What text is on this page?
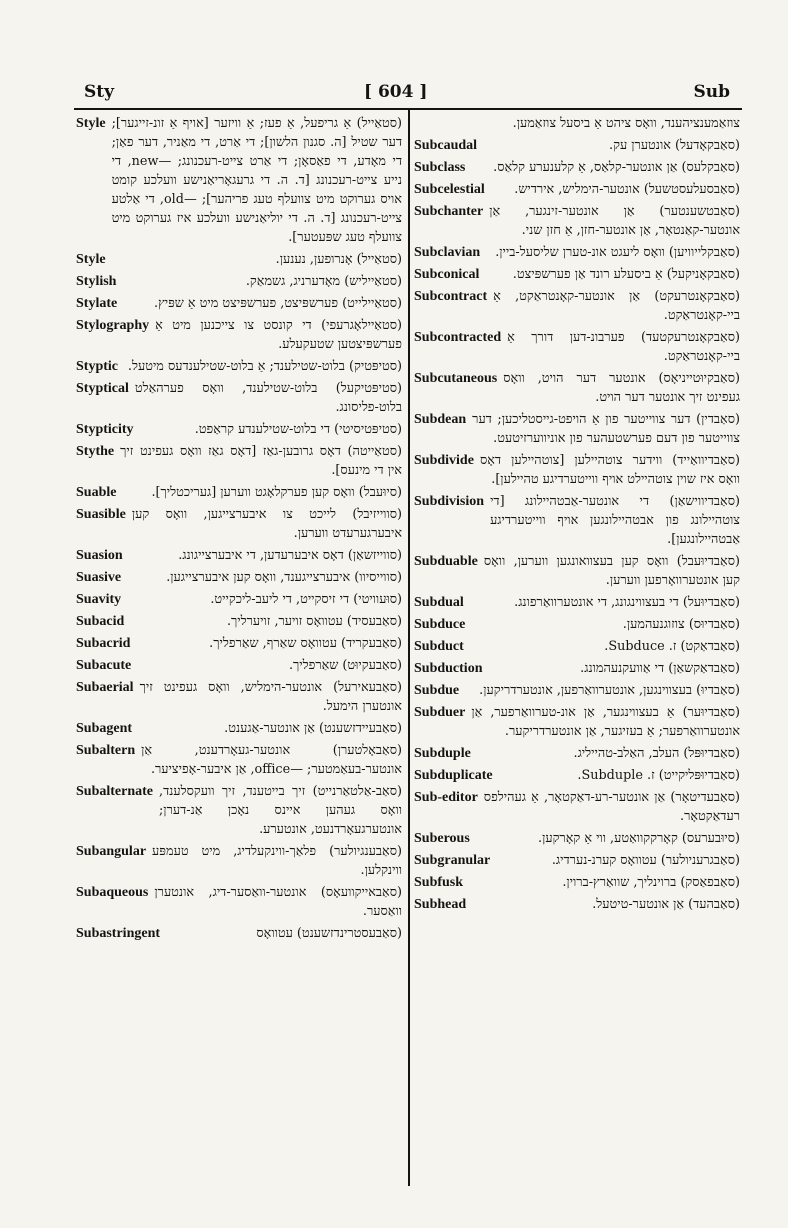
Sty	[ 604 ]	Sub
Style (סטאַייל) אַ גריפעל, אַ פעז; אַ וויזער [אויף אַ זונ-זייגער]; דער שטיל [ה. סגנון הלשון]; די אַרט, די מאַניר, דער פאַן; די מאָדע, די פאַסאָן; די אַרט צייט-רעכנונג; —new, די נייע צייט-רעכנונג [ד. ה. די גרעגאָריאַנישע וועלכע קומט אויס גערוקט מיט צוועלף טעג פריהער]; —old, די אַלטע צייט-רעכנונג [ד. ה. די יוליאַנישע וועלכע איז גערוקט מיט צוועלף טעג שפּעטער].
Style	(סטאַייל) אָנרופען, נענען.
Stylish	(סטאַייליש) מאָדערניג, גשמאַק.
Stylate	(סטאַיילייט) פערשפּיצט, פערשפּיצט מיט אַ שפּיץ.
Stylography (סטאַיילאָגרעפי) די קונסט צו צייכנען מיט אַ פערשפּיצטען שטעקעלע.
Styptic (סטיפּטיק) בלוט-שטילענד; אַ בלוט-שטילענדעס מיטעל.
Styptical (סטיפּטיקעל) בלוט-שטילענד, וואָס פערהאַלט בלוט-פליסונג.
Stypticity	(סטיפּטיסיטי) די בלוט-שטילענדע קראַפט.
Stythe (סטאַייטה) דאָס גרובען-גאַז [דאָס גאַז וואָס געפינט זיך אין די מינעס].
Suable	(סיוּעבל) וואָס קען פערקלאָגט ווערען [געריכטליך].
Suasible (סווייזיבל) לייכט צו איבערצייגען, וואָס קען איבערגערעדט ווערען.
Suasion	(סווייזשאַן) דאָס איבערעדען, די איבערצייגונג.
Suasive	(סווייסיוו) איבערצייגענד, וואָס קען איבערצייגען.
Suavity	(סוּעוויטי) די זיסקייט, די ליעב-ליכקייט.
Subacid	(סאַבעסיד) עטוואָס זויער, זויערליך.
Subacrid	(סאַבעקריד) עטוואָס שאַרף, שאַרפליך.
Subacute	(סאַבעקיוּט) שאַרפליך.
Subaerial (סאַבעאירעל) אונטער-הימליש, וואָס געפינט זיך אונטערן הימעל.
Subagent	(סאַבעיידזשענט) אַן אונטער-אַגענט.
Subaltern (סאַבאָלטערן) אונטער-געאָרדענט, אַן אונטער-בעאַמטער; —office, אַן איבער-אָפיציער.
Subalternate (סאַב-אַלטאַרנייט) זיך בייטענד, זיך וועקסלענד, וואָס געהען איינס נאָכן אַנ-דערן; אונטערגעאָרדנעט, אונטערע.
Subangular (סאַבענגיולער) פלאַך-ווינקעלדיג, מיט טעמפּע ווינקלען.
Subaqueous (סאַבאייקוועאָס) אונטער-וואַסער-דיג, אונטערן וואַסער.
Subastringent	(סאַבעסטרינדזשענט) עטוואָס
צוזאַמענציהענד, וואָס ציהט אַ ביסעל צוזאַמען.
Subcaudal	(סאַבקאָדעל) אונטערן עק.
Subclass	(סאַבקלעס) אַן אונטער-קלאַס, אַ קלענערע קלאַס.
Subcelestial	(סאַבסעלעסטשעל) אונטער-הימליש, אירדיש.
Subchanter (סאַבטשענטער) אַן אונטער-זינגער, אַן אונטער-קאַנטאָר, אַן אונטער-חזן, אַ חזן שני.
Subclavian	(סאַבקלייוויען) וואָס ליעגט אונ-טערן שליסעל-ביין.
Subconical	(סאַבקאָניקעל) אַ ביסעלע רונד אַן פערשפּיצט.
Subcontract (סאַבקאָנטרעקט) אַן אונטער-קאָנטראַקט, אַ ביי-קאָנטראַקט.
Subcontracted (סאַבקאָנטרעקטעד) פערבונ-דען דורך אַ ביי-קאָנטראַקט.
Subcutaneous (סאַבקיוּטייניאָס) אונטער דער הויט, וואָס געפינט זיך אונטער דער הויט.
Subdean (סאַבדין) דער צווייטער פון אַ הויפט-גייסטליכען; דער צווייטער פון דעם פערשטעהער פון אוניווערזיטעט.
Subdivide (סאַבדיוואַייד) ווידער צוטהיילען [צוטהיילען דאָס וואָס איז שוין צוטהיילט אויף ווייטערדיגע טהיילען].
Subdivision (סאַבדיווישאַן) די אונטער-אַבטהיילונג [די צוטהיילונג פון אבטהיילונגען אויף ווייטערדיגע אַבטהיילונגען].
Subduable (סאַבדיוּעבל) וואָס קען בעצוואונגען ווערען, וואָס קען אונטערוואָרפען ווערען.
Subdual	(סאַבדיוּעל) די בעצווינגונג, די אונטערוואַרפונג.
Subduce	(סאַבדיוּס) צוזוגנעהמען.
Subduct	(סאַבדאַקט) ז. Subduce.
Subduction	(סאַבדאַקשאַן) די אַוועקנעהמונג.
Subdue	(סאַבדיוּ) בעצווינגען, אונטערוואַרפען, אונטערדריקען.
Subduer (סאַבדיוּער) אַ בעצווינגער, אַן אונ-טערוואַרפער, אַן אונטערוואַרפער; אַ בעזיגער, אַן אונטערדריקער.
Subduple	(סאַבדיוּפּל) העלב, האַלב-טהייליג.
Subduplicate	(סאַבדיוּפּליקייט) ז. Subduple.
Sub-editor (סאַבעדיטאָר) אַן אונטער-רע-דאַקטאָר, אַ געהילפס רעדאַקטאָר.
Suberous	(סיוּבערעס) קאָרקקוואַטע, ווי אַ קאָרקען.
Subgranular	(סאַבגרעניולער) עטוואָס קערנ-נערדיג.
Subfusk	(סאַבפאַסק) ברוינליך, שוואַרץ-ברוין.
Subhead	(סאַבהעד) אַן אונטער-טיטעל.
